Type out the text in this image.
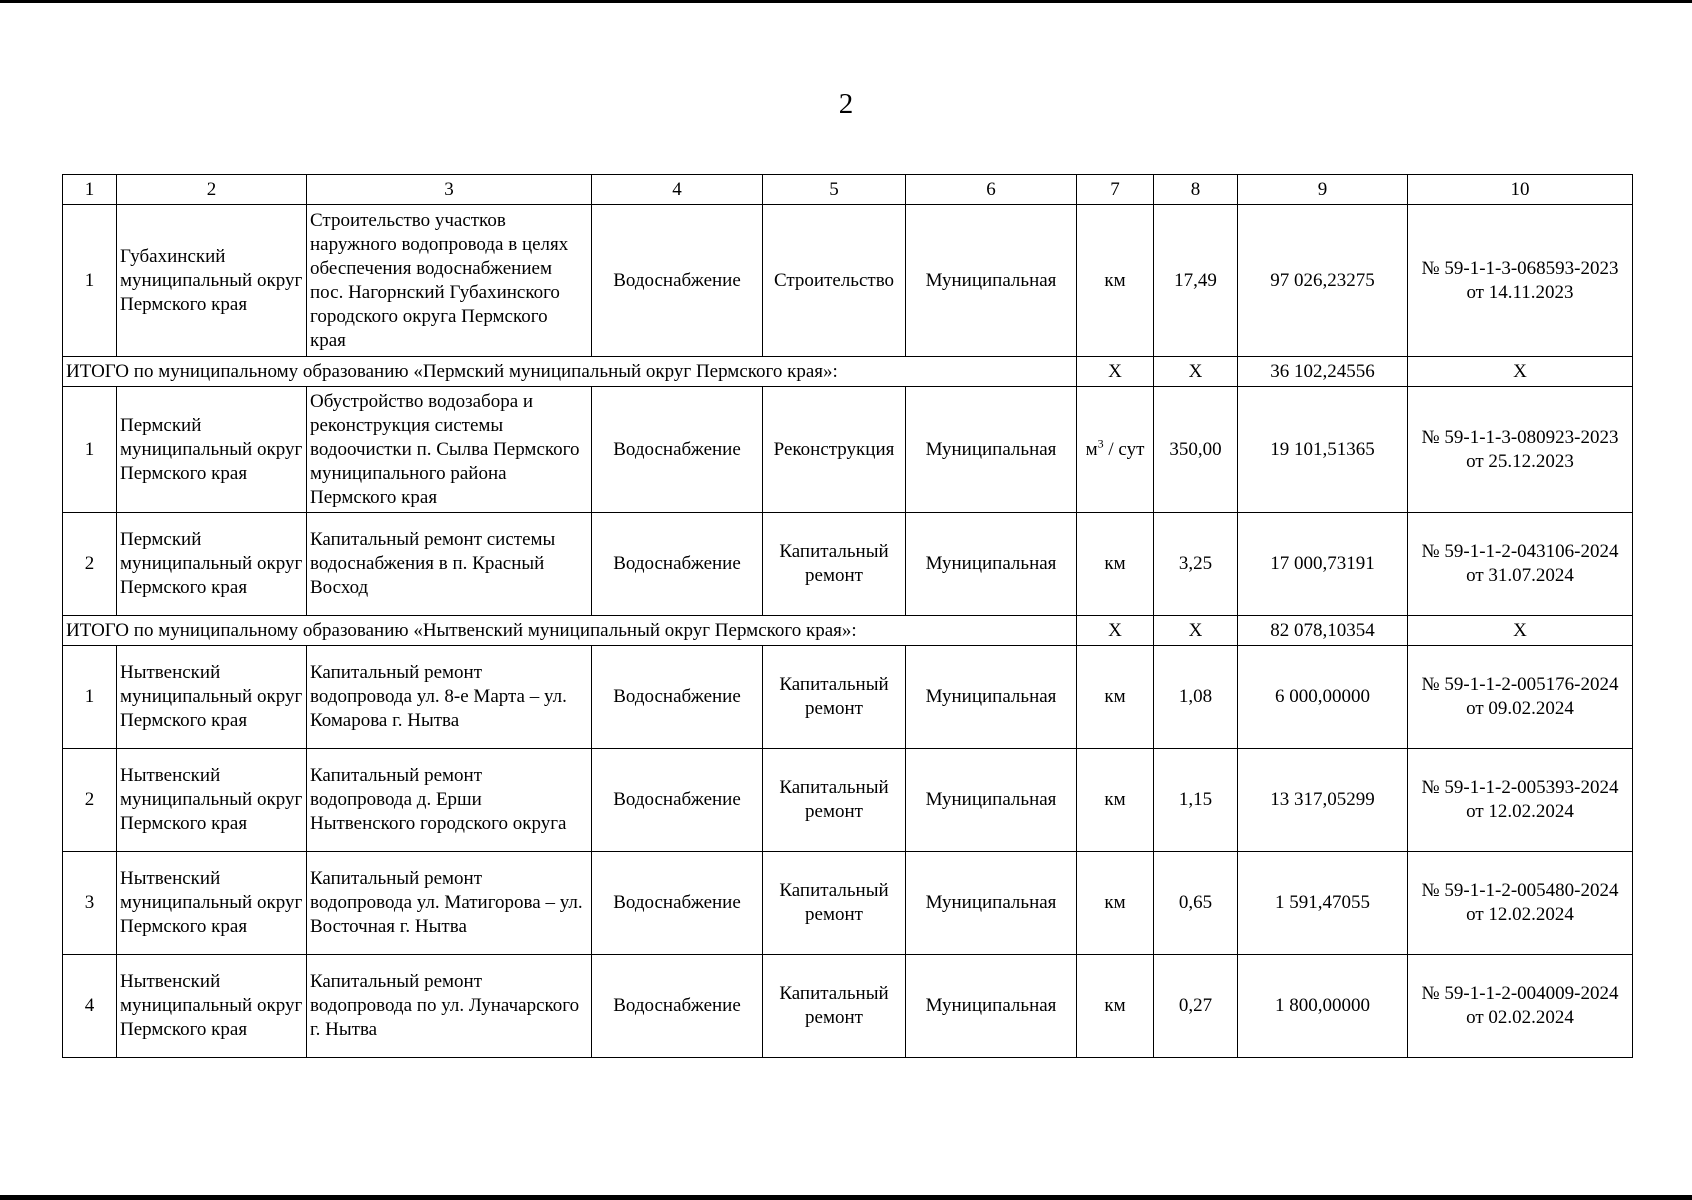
2
1	2	3	4	5	6	7	8	9	10
1	Губахинский муниципальный округ Пермского края	Строительство участков наружного водопровода в целях обеспечения водоснабжением пос. Нагорнский Губахинского городского округа Пермского края	Водоснабжение	Строительство	Муниципальная	км	17,49	97 026,23275	№ 59-1-1-3-068593-2023
от 14.11.2023

ИТОГО по муниципальному образованию «Пермский муниципальный округ Пермского края»:						X	X	36 102,24556	X
1	Пермский муниципальный округ Пермского края	Обустройство водозабора и реконструкция системы водоочистки п. Сылва Пермского муниципального района Пермского края	Водоснабжение	Реконструкция	Муниципальная	$м^3$ / сут	350,00	19 101,51365	№ 59-1-1-3-080923-2023
от 25.12.2023

2	Пермский муниципальный округ Пермского края	Капитальный ремонт системы водоснабжения в п. Красный Восход	Водоснабжение	Капитальный ремонт	Муниципальная	км	3,25	17 000,73191	№ 59-1-1-2-043106-2024
от 31.07.2024

ИТОГО по муниципальному образованию «Нытвенский муниципальный округ Пермского края»:						X	X	82 078,10354	X
1	Нытвенский муниципальный округ Пермского края	Капитальный ремонт водопровода ул. 8-е Марта – ул. Комарова г. Нытва	Водоснабжение	Капитальный ремонт	Муниципальная	км	1,08	6 000,00000	№ 59-1-1-2-005176-2024
от 09.02.2024

2	Нытвенский муниципальный округ Пермского края	Капитальный ремонт водопровода д. Ерши Нытвенского городского округа	Водоснабжение	Капитальный ремонт	Муниципальная	км	1,15	13 317,05299	№ 59-1-1-2-005393-2024
от 12.02.2024

3	Нытвенский муниципальный округ Пермского края	Капитальный ремонт водопровода ул. Матигорова – ул. Восточная г. Нытва	Водоснабжение	Капитальный ремонт	Муниципальная	км	0,65	1 591,47055	№ 59-1-1-2-005480-2024
от 12.02.2024

4	Нытвенский муниципальный округ Пермского края	Капитальный ремонт водопровода по ул. Луначарского г. Нытва	Водоснабжение	Капитальный ремонт	Муниципальная	км	0,27	1 800,00000	№ 59-1-1-2-004009-2024
от 02.02.2024
